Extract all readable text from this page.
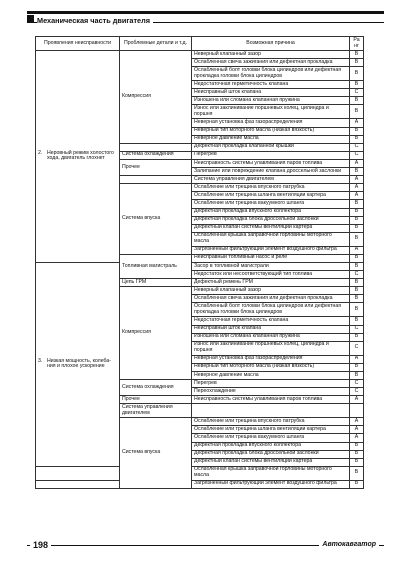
Механическая часть двигателя
Проявления неисправности	Проблемные детали и т.д.	Возможная причина	Ранг
2. Неровный режим холостого хода, двигатель глохнет	Компрессия	Неверный клапанный зазор	B
		Ослабленная свеча зажигания или дефектная прокладка	B
		Ослабленный болт головки блока цилиндров или дефектная прокладка головки блока цилиндров	B
		Недостаточная герметичность клапана	B
		Неисправный шток клапана	C
		Изношена или сломана клапанная пружина	B
		Износ или заклинивание поршневых колец, цилиндра и поршня	B
		Неверная установка фаз газораспределения	A
		Неверный тип моторного масла (низкая вязкость)	B
		Неверное давление масла	B
		Дефектная прокладка клапанной крышки	C
	Система охлаждения	Перегрев	C
	Прочее	Неисправность системы улавливания паров топлива	A
		Залипание или повреждение клапана дроссельной заслонки	B
		Система управления двигателем	A
	Система впуска	Ослабление или трещина впускного патрубка	A
		Ослабление или трещина шланга вентиляции картера	A
		Ослабление или трещина вакуумного шланга	B
		Дефектная прокладка впускного коллектора	B
		Дефектная прокладка блока дроссельной заслонки	B
		Дефектный клапан системы вентиляции картера	B
		Ослабленная крышка заправочной горловины моторного масла	B
		Загрязненный фильтрующий элемент воздушного фильтра	A
	Топливная магистраль	Неисправный топливный насос и реле	B
3. Низкая мощность, колебания и плохое ускорение		Засор в топливной магистрали	B
		Недостаток или несоответствующий тип топлива	C
	Цепь ГРМ	Дефектный ремень ГРМ	B
	Компрессия	Неверный клапанный зазор	B
		Ослабленная свеча зажигания или дефектная прокладка	B
		Ослабленный болт головки блока цилиндров или дефектная прокладка головки блока цилиндров	B
		Недостаточная герметичность клапана	B
		Неисправный шток клапана	C
		Изношена или сломана клапанная пружина	B
		Износ или заклинивание поршневых колец, цилиндра и поршня	C
		Неверная установка фаз газораспределения	A
		Неверный тип моторного масла (низкая вязкость)	B
		Неверное давление масла	B
	Система охлаждения	Перегрев	C
		Переохлаждение	C
	Прочее	Неисправность системы улавливания паров топлива	A
	Система управления двигателем		
	Система впуска	Ослабление или трещина впускного патрубка	A
		Ослабление или трещина шланга вентиляции картера	A
		Ослабление или трещина вакуумного шланга	A
		Дефектная прокладка впускного коллектора	B
		Дефектная прокладка блока дроссельной заслонки	B
		Дефектный клапан системы вентиляции картера	B
		Ослабленная крышка заправочной горловины моторного масла	B
		Загрязненный фильтрующий элемент воздушного фильтра	B
198	Автокавгатор
